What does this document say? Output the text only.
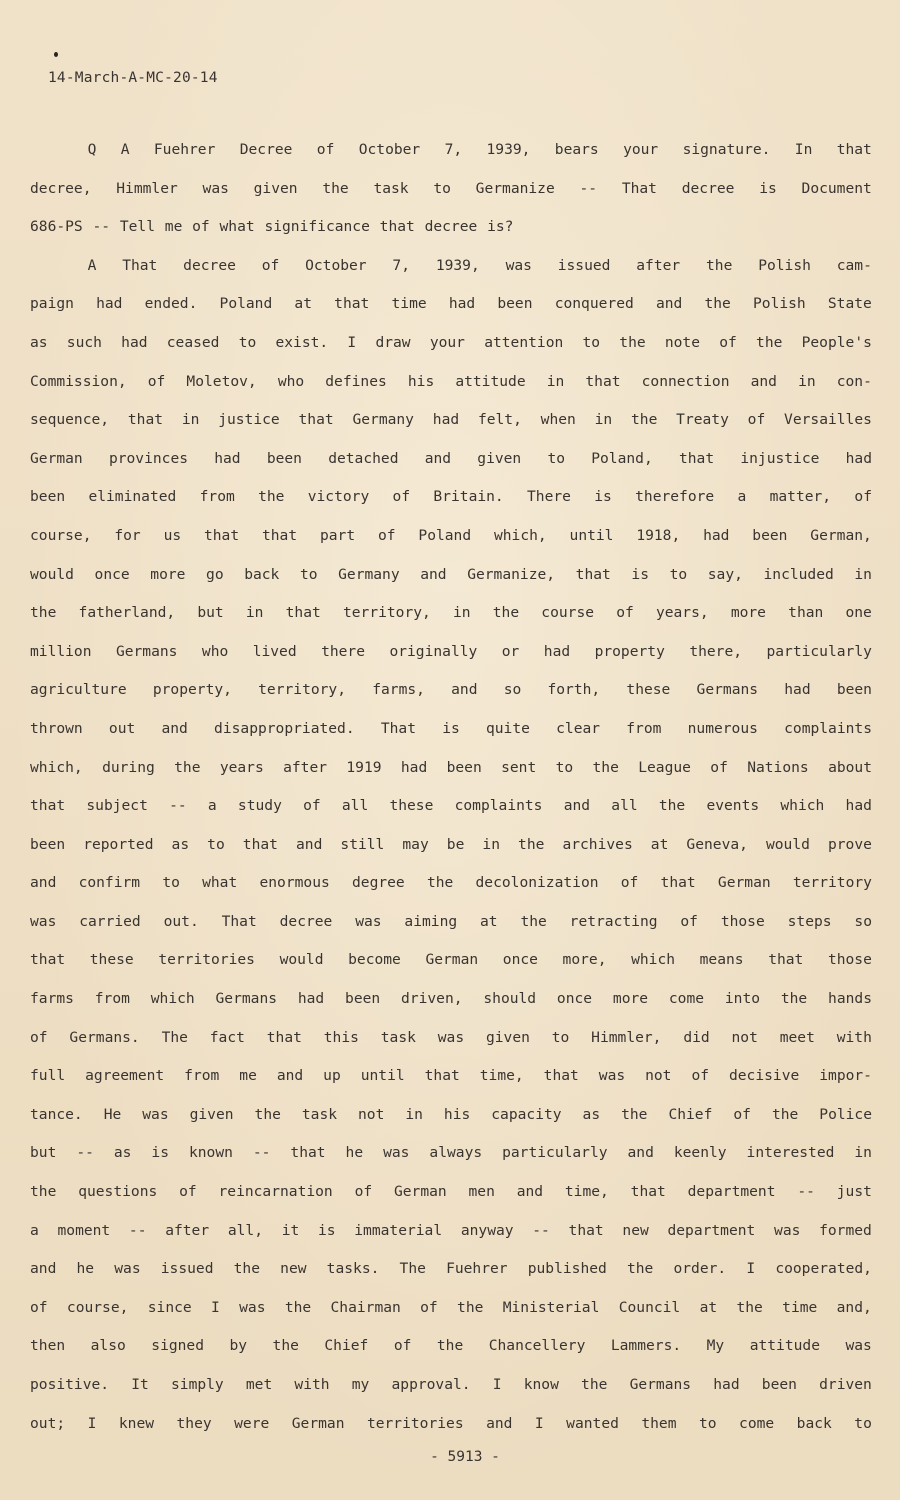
14-March-A-MC-20-14
Q A Fuehrer Decree of October 7, 1939, bears your signature. In that
decree, Himmler was given the task to Germanize -- That decree is Document
686-PS -- Tell me of what significance that decree is?
A That decree of October 7, 1939, was issued after the Polish cam-
paign had ended. Poland at that time had been conquered and the Polish State
as such had ceased to exist. I draw your attention to the note of the People's
Commission, of Moletov, who defines his attitude in that connection and in con-
sequence, that in justice that Germany had felt, when in the Treaty of Versailles
German provinces had been detached and given to Poland, that injustice had
been eliminated from the victory of Britain. There is therefore a matter, of
course, for us that that part of Poland which, until 1918, had been German,
would once more go back to Germany and Germanize, that is to say, included in
the fatherland, but in that territory, in the course of years, more than one
million Germans who lived there originally or had property there, particularly
agriculture property, territory, farms, and so forth, these Germans had been
thrown out and disappropriated. That is quite clear from numerous complaints
which, during the years after 1919 had been sent to the League of Nations about
that subject -- a study of all these complaints and all the events which had
been reported as to that and still may be in the archives at Geneva, would prove
and confirm to what enormous degree the decolonization of that German territory
was carried out. That decree was aiming at the retracting of those steps so
that these territories would become German once more, which means that those
farms from which Germans had been driven, should once more come into the hands
of Germans. The fact that this task was given to Himmler, did not meet with
full agreement from me and up until that time, that was not of decisive impor-
tance. He was given the task not in his capacity as the Chief of the Police
but -- as is known -- that he was always particularly and keenly interested in
the questions of reincarnation of German men and time, that department -- just
a moment -- after all, it is immaterial anyway -- that new department was formed
and he was issued the new tasks. The Fuehrer published the order. I cooperated,
of course, since I was the Chairman of the Ministerial Council at the time and,
then also signed by the Chief of the Chancellery Lammers. My attitude was
positive. It simply met with my approval. I know the Germans had been driven
out; I knew they were German territories and I wanted them to come back to
- 5913 -
